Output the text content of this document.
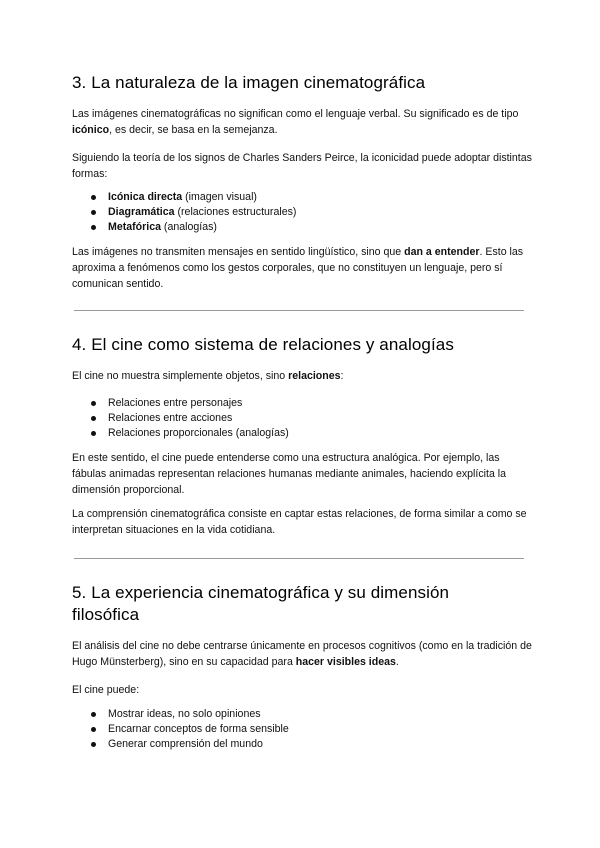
3. La naturaleza de la imagen cinematográfica

Las imágenes cinematográficas no significan como el lenguaje verbal. Su significado es de tipo icónico, es decir, se basa en la semejanza.

Siguiendo la teoría de los signos de Charles Sanders Peirce, la iconicidad puede adoptar distintas formas:

Icónica directa (imagen visual)
Diagramática (relaciones estructurales)
Metafórica (analogías)

Las imágenes no transmiten mensajes en sentido lingüístico, sino que dan a entender. Esto las aproxima a fenómenos como los gestos corporales, que no constituyen un lenguaje, pero sí comunican sentido.

4. El cine como sistema de relaciones y analogías

El cine no muestra simplemente objetos, sino relaciones:

Relaciones entre personajes
Relaciones entre acciones
Relaciones proporcionales (analogías)

En este sentido, el cine puede entenderse como una estructura analógica. Por ejemplo, las fábulas animadas representan relaciones humanas mediante animales, haciendo explícita la dimensión proporcional.

La comprensión cinematográfica consiste en captar estas relaciones, de forma similar a como se interpretan situaciones en la vida cotidiana.

5. La experiencia cinematográfica y su dimensión
filosófica

El análisis del cine no debe centrarse únicamente en procesos cognitivos (como en la tradición de Hugo Münsterberg), sino en su capacidad para hacer visibles ideas.

El cine puede:

Mostrar ideas, no solo opiniones
Encarnar conceptos de forma sensible
Generar comprensión del mundo
